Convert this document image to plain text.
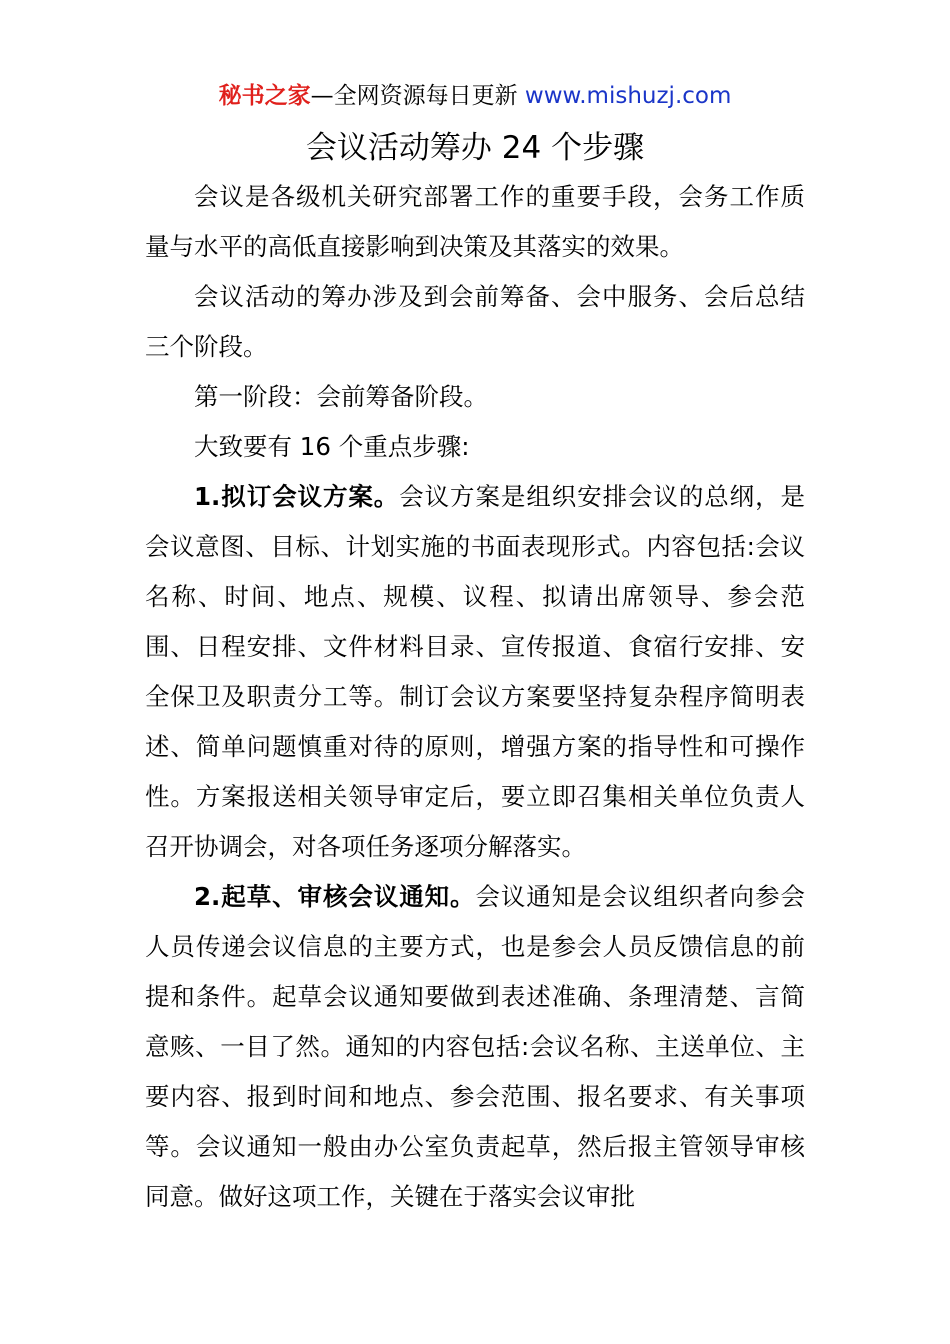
秘书之家—全网资源每日更新 www.mishuzj.com
会议活动筹办 24 个步骤

会议是各级机关研究部署工作的重要手段，会务工作质量与水平的高低直接影响到决策及其落实的效果。

会议活动的筹办涉及到会前筹备、会中服务、会后总结三个阶段。

第一阶段：会前筹备阶段。

大致要有 16 个重点步骤:

1.拟订会议方案。会议方案是组织安排会议的总纲，是会议意图、目标、计划实施的书面表现形式。内容包括:会议名称、时间、地点、规模、议程、拟请出席领导、参会范围、日程安排、文件材料目录、宣传报道、食宿行安排、安全保卫及职责分工等。制订会议方案要坚持复杂程序简明表述、简单问题慎重对待的原则，增强方案的指导性和可操作性。方案报送相关领导审定后，要立即召集相关单位负责人召开协调会，对各项任务逐项分解落实。

2.起草、审核会议通知。会议通知是会议组织者向参会人员传递会议信息的主要方式，也是参会人员反馈信息的前提和条件。起草会议通知要做到表述准确、条理清楚、言简意赅、一目了然。通知的内容包括:会议名称、主送单位、主要内容、报到时间和地点、参会范围、报名要求、有关事项等。会议通知一般由办公室负责起草，然后报主管领导审核同意。做好这项工作，关键在于落实会议审批
